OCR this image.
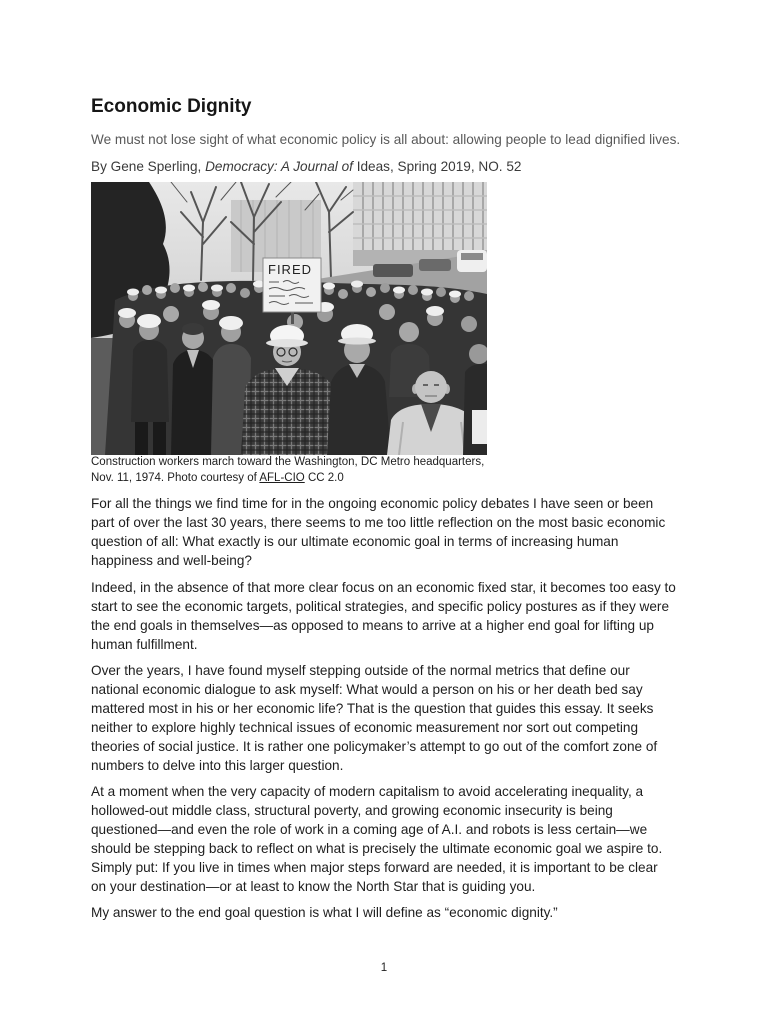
Economic Dignity
We must not lose sight of what economic policy is all about: allowing people to lead dignified lives.
By Gene Sperling, Democracy: A Journal of Ideas, Spring 2019, NO. 52
FIRED
Construction workers march toward the Washington, DC Metro headquarters,
Nov. 11, 1974. Photo courtesy of AFL-CIO CC 2.0
For all the things we find time for in the ongoing economic policy debates I have seen or been
part of over the last 30 years, there seems to me too little reflection on the most basic economic
question of all: What exactly is our ultimate economic goal in terms of increasing human
happiness and well-being?
Indeed, in the absence of that more clear focus on an economic fixed star, it becomes too easy to
start to see the economic targets, political strategies, and specific policy postures as if they were
the end goals in themselves—as opposed to means to arrive at a higher end goal for lifting up
human fulfillment.
Over the years, I have found myself stepping outside of the normal metrics that define our
national economic dialogue to ask myself: What would a person on his or her death bed say
mattered most in his or her economic life? That is the question that guides this essay. It seeks
neither to explore highly technical issues of economic measurement nor sort out competing
theories of social justice. It is rather one policymaker’s attempt to go out of the comfort zone of
numbers to delve into this larger question.
At a moment when the very capacity of modern capitalism to avoid accelerating inequality, a
hollowed-out middle class, structural poverty, and growing economic insecurity is being
questioned—and even the role of work in a coming age of A.I. and robots is less certain—we
should be stepping back to reflect on what is precisely the ultimate economic goal we aspire to.
Simply put: If you live in times when major steps forward are needed, it is important to be clear
on your destination—or at least to know the North Star that is guiding you.
My answer to the end goal question is what I will define as “economic dignity.”
1
